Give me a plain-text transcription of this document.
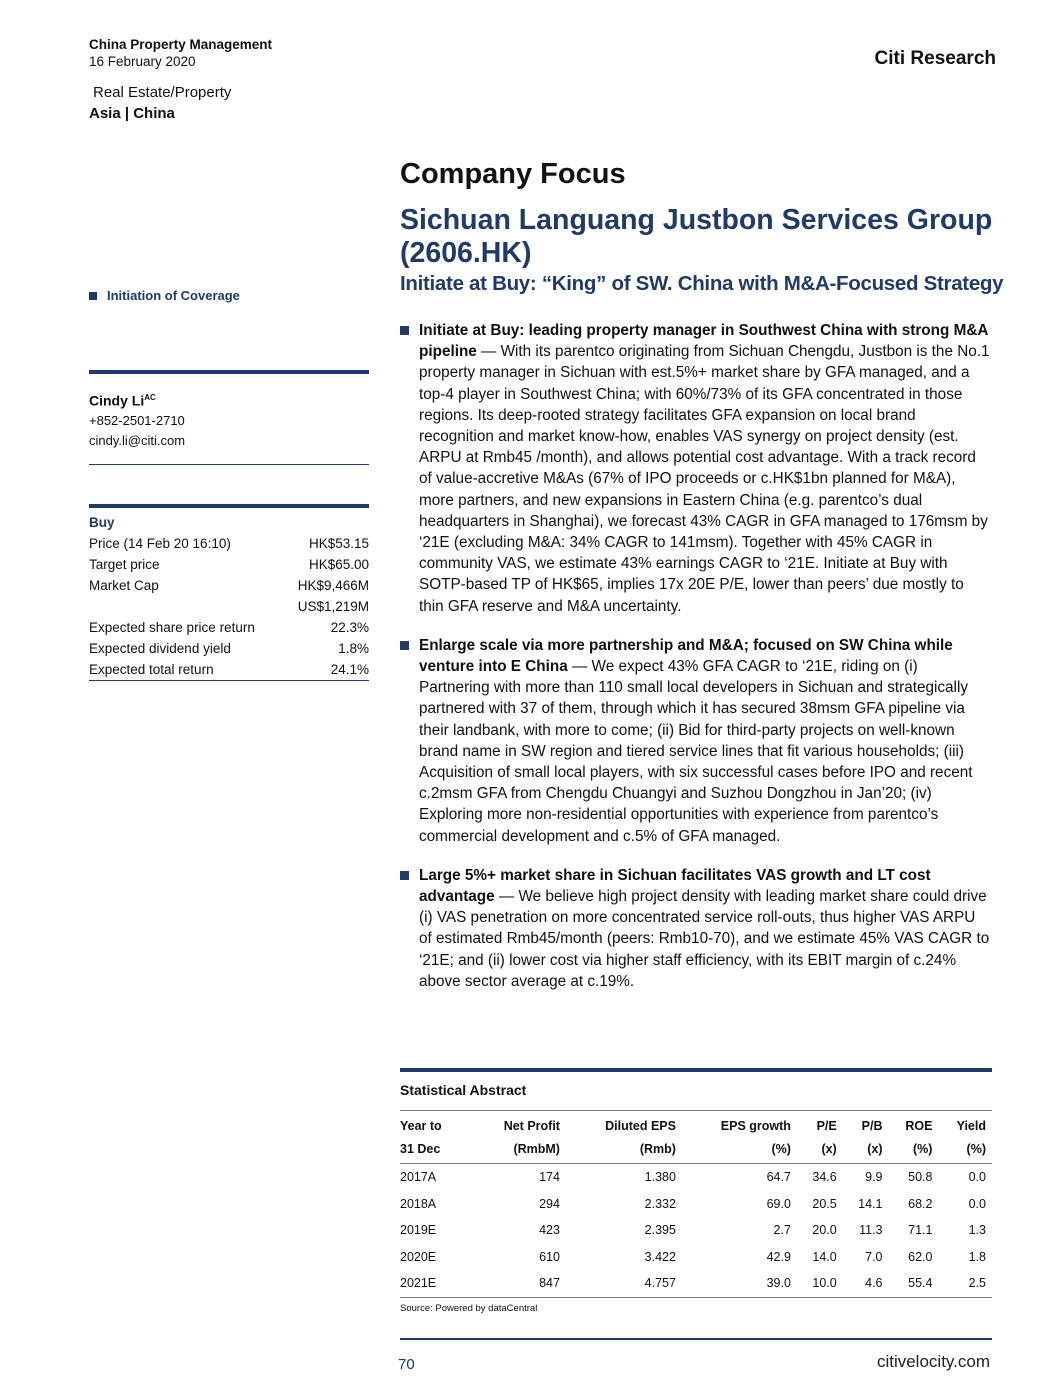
China Property Management
16 February 2020	Citi Research
Real Estate/Property
Asia | China
Company Focus
Sichuan Languang Justbon Services Group (2606.HK)
Initiate at Buy: “King” of SW. China with M&A-Focused Strategy
Initiation of Coverage
Cindy $Li^{AC}$
+852-2501-2710
cindy.li@citi.com
Buy
Price (14 Feb 20 16:10)	HK$53.15
Target price	HK$65.00
Market Cap	HK$9,466M
US$1,219M
Expected share price return	22.3%
Expected dividend yield	1.8%
Expected total return	24.1%
Initiate at Buy: leading property manager in Southwest China with strong M&A pipeline — With its parentco originating from Sichuan Chengdu, Justbon is the No.1 property manager in Sichuan with est.5%+ market share by GFA managed, and a top-4 player in Southwest China; with 60%/73% of its GFA concentrated in those regions. Its deep-rooted strategy facilitates GFA expansion on local brand recognition and market know-how, enables VAS synergy on project density (est. ARPU at Rmb45 /month), and allows potential cost advantage. With a track record of value-accretive M&As (67% of IPO proceeds or c.HK$1bn planned for M&A), more partners, and new expansions in Eastern China (e.g. parentco’s dual headquarters in Shanghai), we forecast 43% CAGR in GFA managed to 176msm by ‘21E (excluding M&A: 34% CAGR to 141msm). Together with 45% CAGR in community VAS, we estimate 43% earnings CAGR to ‘21E. Initiate at Buy with SOTP-based TP of HK$65, implies 17x 20E P/E, lower than peers’ due mostly to thin GFA reserve and M&A uncertainty.
Enlarge scale via more partnership and M&A; focused on SW China while venture into E China — We expect 43% GFA CAGR to ‘21E, riding on (i) Partnering with more than 110 small local developers in Sichuan and strategically partnered with 37 of them, through which it has secured 38msm GFA pipeline via their landbank, with more to come; (ii) Bid for third-party projects on well-known brand name in SW region and tiered service lines that fit various households; (iii) Acquisition of small local players, with six successful cases before IPO and recent c.2msm GFA from Chengdu Chuangyi and Suzhou Dongzhou in Jan’20; (iv) Exploring more non-residential opportunities with experience from parentco’s commercial development and c.5% of GFA managed.
Large 5%+ market share in Sichuan facilitates VAS growth and LT cost advantage — We believe high project density with leading market share could drive (i) VAS penetration on more concentrated service roll-outs, thus higher VAS ARPU of estimated Rmb45/month (peers: Rmb10-70), and we estimate 45% VAS CAGR to ‘21E; and (ii) lower cost via higher staff efficiency, with its EBIT margin of c.24% above sector average at c.19%.
Statistical Abstract
Year to	Net Profit	Diluted EPS	EPS growth	P/E	P/B	ROE	Yield
31 Dec	(RmbM)	(Rmb)	(%)	(x)	(x)	(%)	(%)
2017A	174	1.380	64.7	34.6	9.9	50.8	0.0
2018A	294	2.332	69.0	20.5	14.1	68.2	0.0
2019E	423	2.395	2.7	20.0	11.3	71.1	1.3
2020E	610	3.422	42.9	14.0	7.0	62.0	1.8
2021E	847	4.757	39.0	10.0	4.6	55.4	2.5
Source: Powered by dataCentral
70	citivelocity.com
